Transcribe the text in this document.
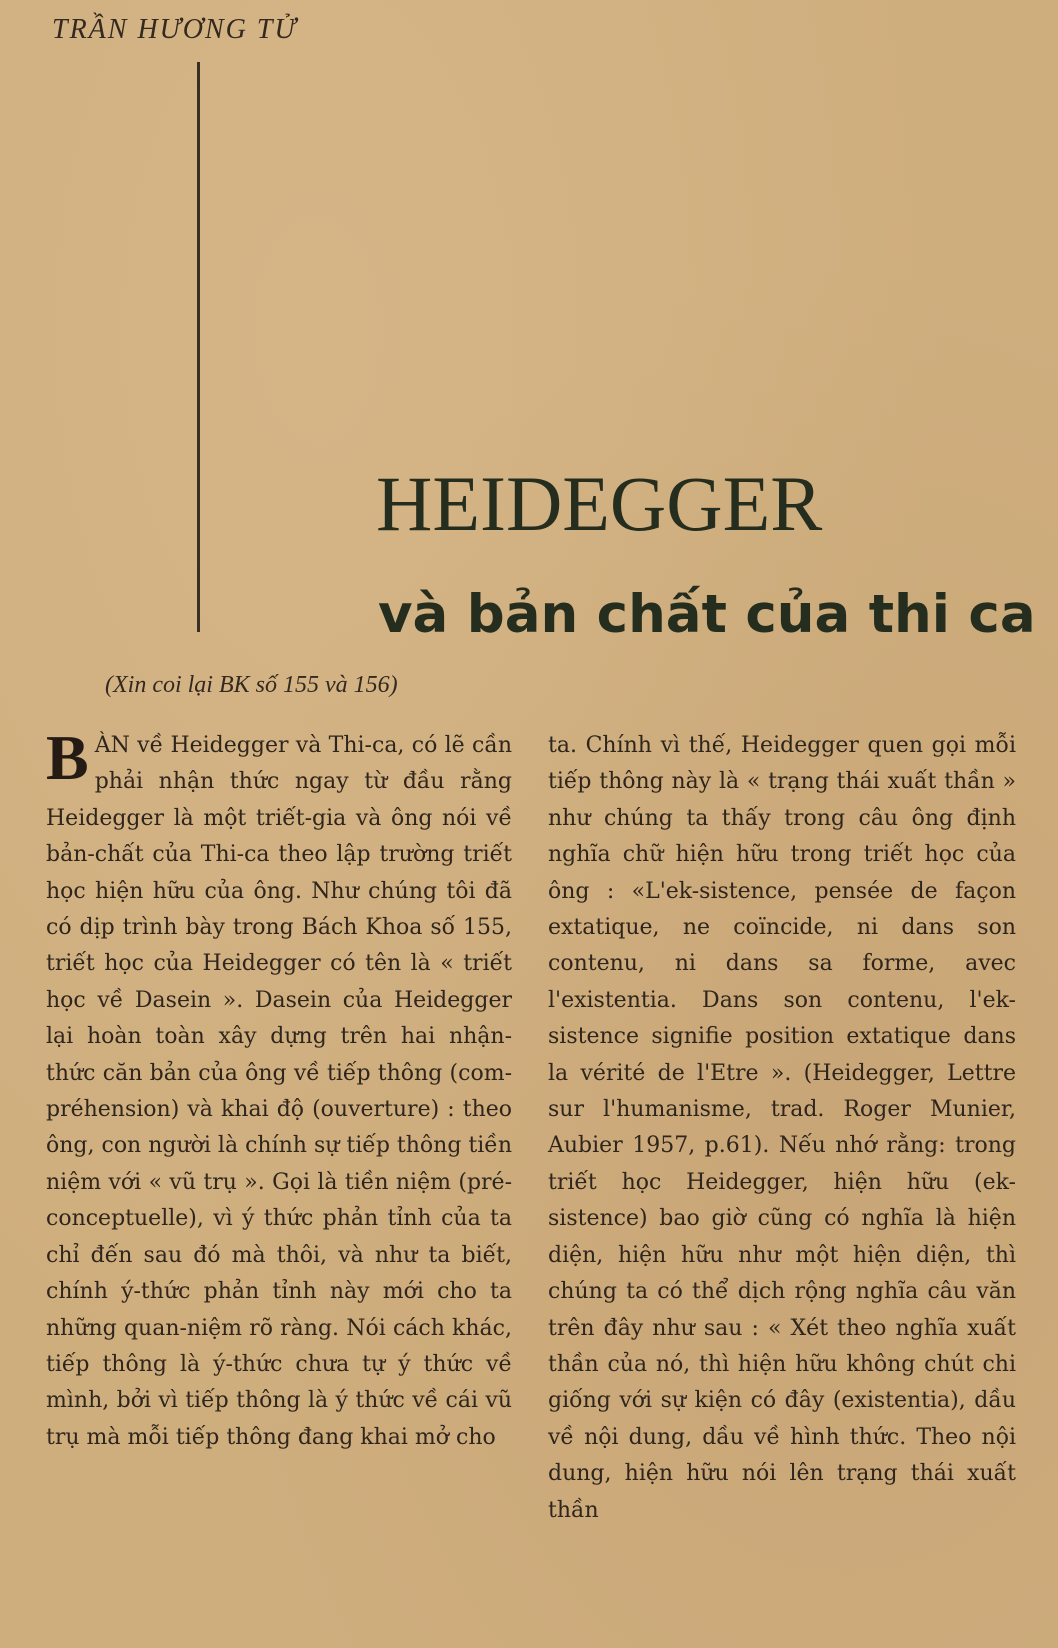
TRẦN HƯƠNG TỬ
HEIDEGGER
và bản chất của thi ca
(Xin coi lại BK số 155 và 156)
B ÀN về Heidegger và Thi-ca, có lẽ cần phải nhận thức ngay từ đầu rằng Heidegger là một triết-gia và ông nói về bản-chất của Thi-ca theo lập trường triết học hiện hữu của ông. Như chúng tôi đã có dịp trình bày trong Bách Khoa số 155, triết học của Heidegger có tên là « triết học về Dasein ». Dasein của Heidegger lại hoàn toàn xây dựng trên hai nhận-thức căn bản của ông về tiếp thông (com-préhension) và khai độ (ouverture) : theo ông, con người là chính sự tiếp thông tiền niệm với « vũ trụ ». Gọi là tiền niệm (pré-conceptuelle), vì ý thức phản tỉnh của ta chỉ đến sau đó mà thôi, và như ta biết, chính ý-thức phản tỉnh này mới cho ta những quan-niệm rõ ràng. Nói cách khác, tiếp thông là ý-thức chưa tự ý thức về mình, bởi vì tiếp thông là ý thức về cái vũ trụ mà mỗi tiếp thông đang khai mở cho
ta. Chính vì thế, Heidegger quen gọi mỗi tiếp thông này là « trạng thái xuất thần » như chúng ta thấy trong câu ông định nghĩa chữ hiện hữu trong triết học của ông : «L'ek-sistence, pensée de façon extatique, ne coïncide, ni dans son contenu, ni dans sa forme, avec l'existentia. Dans son contenu, l'ek-sistence signifie position extatique dans la vérité de l'Etre ». (Heidegger, Lettre sur l'humanisme, trad. Roger Munier, Aubier 1957, p.61). Nếu nhớ rằng: trong triết học Heidegger, hiện hữu (ek-sistence) bao giờ cũng có nghĩa là hiện diện, hiện hữu như một hiện diện, thì chúng ta có thể dịch rộng nghĩa câu văn trên đây như sau : « Xét theo nghĩa xuất thần của nó, thì hiện hữu không chút chi giống với sự kiện có đây (existentia), dầu về nội dung, dầu về hình thức. Theo nội dung, hiện hữu nói lên trạng thái xuất thần
